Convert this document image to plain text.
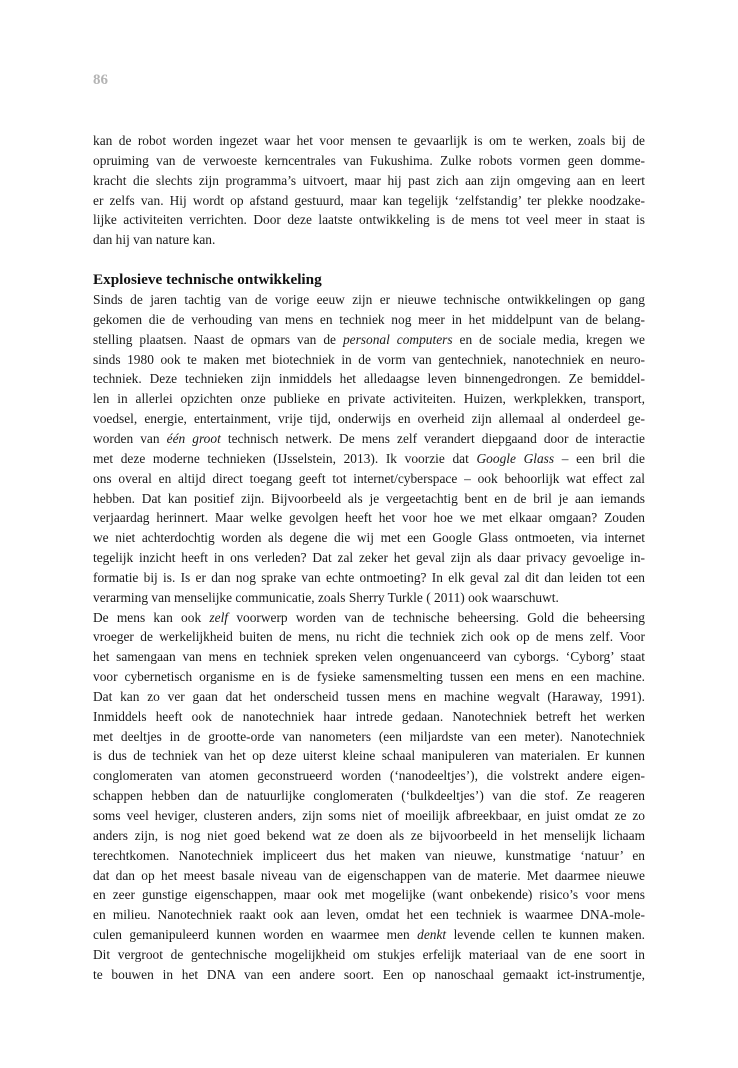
86

kan de robot worden ingezet waar het voor mensen te gevaarlijk is om te werken, zoals bij de
opruiming van de verwoeste kerncentrales van Fukushima. Zulke robots vormen geen domme-
kracht die slechts zijn programma’s uitvoert, maar hij past zich aan zijn omgeving aan en leert
er zelfs van. Hij wordt op afstand gestuurd, maar kan tegelijk ‘zelfstandig’ ter plekke noodzake-
lijke activiteiten verrichten. Door deze laatste ontwikkeling is de mens tot veel meer in staat is
dan hij van nature kan.

Explosieve technische ontwikkeling

Sinds de jaren tachtig van de vorige eeuw zijn er nieuwe technische ontwikkelingen op gang
gekomen die de verhouding van mens en techniek nog meer in het middelpunt van de belang-
stelling plaatsen. Naast de opmars van de personal computers en de sociale media, kregen we
sinds 1980 ook te maken met biotechniek in de vorm van gentechniek, nanotechniek en neuro-
techniek. Deze technieken zijn inmiddels het alledaagse leven binnengedrongen. Ze bemiddel-
len in allerlei opzichten onze publieke en private activiteiten. Huizen, werkplekken, transport,
voedsel, energie, entertainment, vrije tijd, onderwijs en overheid zijn allemaal al onderdeel ge-
worden van één groot technisch netwerk. De mens zelf verandert diepgaand door de interactie
met deze moderne technieken (IJsselstein, 2013). Ik voorzie dat Google Glass – een bril die
ons overal en altijd direct toegang geeft tot internet/cyberspace – ook behoorlijk wat effect zal
hebben. Dat kan positief zijn. Bijvoorbeeld als je vergeetachtig bent en de bril je aan iemands
verjaardag herinnert. Maar welke gevolgen heeft het voor hoe we met elkaar omgaan? Zouden
we niet achterdochtig worden als degene die wij met een Google Glass ontmoeten, via internet
tegelijk inzicht heeft in ons verleden? Dat zal zeker het geval zijn als daar privacy gevoelige in-
formatie bij is. Is er dan nog sprake van echte ontmoeting? In elk geval zal dit dan leiden tot een
verarming van menselijke communicatie, zoals Sherry Turkle ( 2011) ook waarschuwt.

De mens kan ook zelf voorwerp worden van de technische beheersing. Gold die beheersing
vroeger de werkelijkheid buiten de mens, nu richt die techniek zich ook op de mens zelf. Voor
het samengaan van mens en techniek spreken velen ongenuanceerd van cyborgs. ‘Cyborg’ staat
voor cybernetisch organisme en is de fysieke samensmelting tussen een mens en een machine.
Dat kan zo ver gaan dat het onderscheid tussen mens en machine wegvalt (Haraway, 1991).
Inmiddels heeft ook de nanotechniek haar intrede gedaan. Nanotechniek betreft het werken
met deeltjes in de grootte-orde van nanometers (een miljardste van een meter). Nanotechniek
is dus de techniek van het op deze uiterst kleine schaal manipuleren van materialen. Er kunnen
conglomeraten van atomen geconstrueerd worden (‘nanodeeltjes’), die volstrekt andere eigen-
schappen hebben dan de natuurlijke conglomeraten (‘bulkdeeltjes’) van die stof. Ze reageren
soms veel heviger, clusteren anders, zijn soms niet of moeilijk afbreekbaar, en juist omdat ze zo
anders zijn, is nog niet goed bekend wat ze doen als ze bijvoorbeeld in het menselijk lichaam
terechtkomen. Nanotechniek impliceert dus het maken van nieuwe, kunstmatige ‘natuur’ en
dat dan op het meest basale niveau van de eigenschappen van de materie. Met daarmee nieuwe
en zeer gunstige eigenschappen, maar ook met mogelijke (want onbekende) risico’s voor mens
en milieu. Nanotechniek raakt ook aan leven, omdat het een techniek is waarmee DNA-mole-
culen gemanipuleerd kunnen worden en waarmee men denkt levende cellen te kunnen maken.
Dit vergroot de gentechnische mogelijkheid om stukjes erfelijk materiaal van de ene soort in
te bouwen in het DNA van een andere soort. Een op nanoschaal gemaakt ict-instrumentje,
